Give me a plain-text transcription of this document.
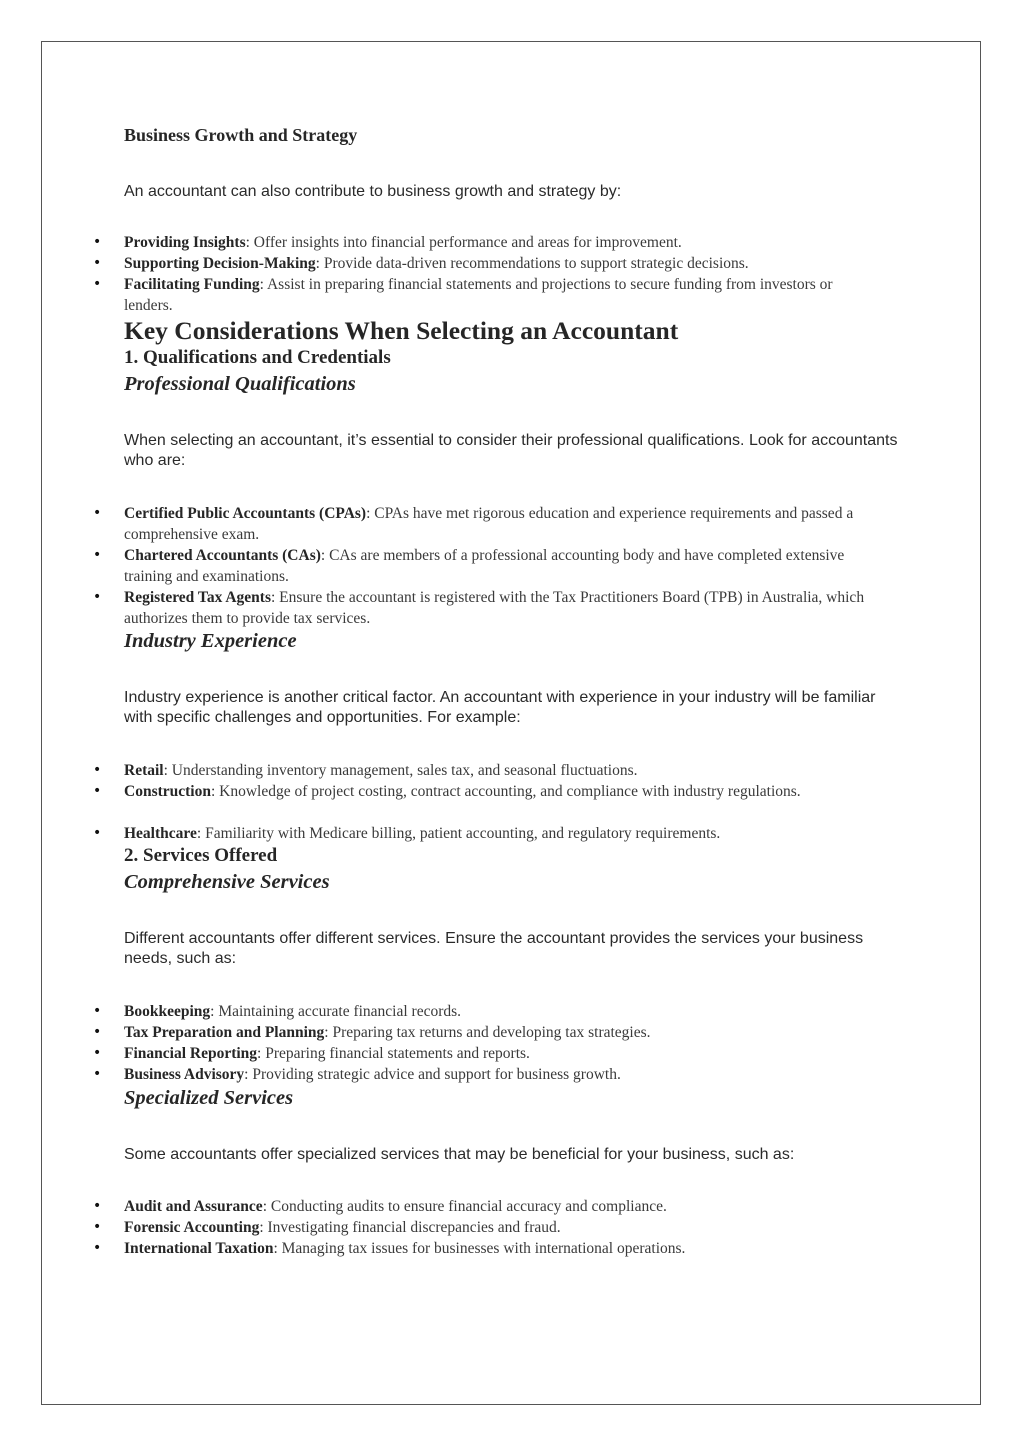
Business Growth and Strategy
An accountant can also contribute to business growth and strategy by:
• Providing Insights: Offer insights into financial performance and areas for improvement.
• Supporting Decision-Making: Provide data-driven recommendations to support strategic decisions.
• Facilitating Funding: Assist in preparing financial statements and projections to secure funding from investors or lenders.
Key Considerations When Selecting an Accountant
1. Qualifications and Credentials
Professional Qualifications
When selecting an accountant, it’s essential to consider their professional qualifications. Look for accountants who are:
• Certified Public Accountants (CPAs): CPAs have met rigorous education and experience requirements and passed a comprehensive exam.
• Chartered Accountants (CAs): CAs are members of a professional accounting body and have completed extensive training and examinations.
• Registered Tax Agents: Ensure the accountant is registered with the Tax Practitioners Board (TPB) in Australia, which authorizes them to provide tax services.
Industry Experience
Industry experience is another critical factor. An accountant with experience in your industry will be familiar with specific challenges and opportunities. For example:
• Retail: Understanding inventory management, sales tax, and seasonal fluctuations.
• Construction: Knowledge of project costing, contract accounting, and compliance with industry regulations.
• Healthcare: Familiarity with Medicare billing, patient accounting, and regulatory requirements.
2. Services Offered
Comprehensive Services
Different accountants offer different services. Ensure the accountant provides the services your business needs, such as:
• Bookkeeping: Maintaining accurate financial records.
• Tax Preparation and Planning: Preparing tax returns and developing tax strategies.
• Financial Reporting: Preparing financial statements and reports.
• Business Advisory: Providing strategic advice and support for business growth.
Specialized Services
Some accountants offer specialized services that may be beneficial for your business, such as:
• Audit and Assurance: Conducting audits to ensure financial accuracy and compliance.
• Forensic Accounting: Investigating financial discrepancies and fraud.
• International Taxation: Managing tax issues for businesses with international operations.
